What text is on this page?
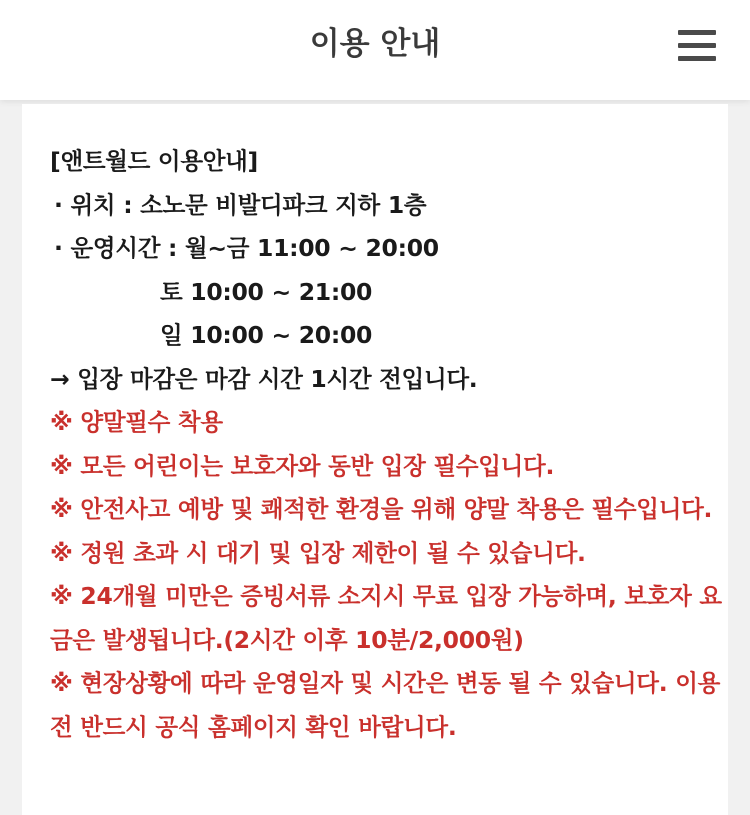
이용 안내
[앤트월드 이용안내]
· 위치 : 소노문 비발디파크 지하 1층
· 운영시간 : 월~금 11:00 ~ 20:00
토 10:00 ~ 21:00
일 10:00 ~ 20:00
→ 입장 마감은 마감 시간 1시간 전입니다.
※ 양말필수 착용
※ 모든 어린이는 보호자와 동반 입장 필수입니다.
※ 안전사고 예방 및 쾌적한 환경을 위해 양말 착용은 필수입니다.
※ 정원 초과 시 대기 및 입장 제한이 될 수 있습니다.
※ 24개월 미만은 증빙서류 소지시 무료 입장 가능하며, 보호자 요금은 발생됩니다.(2시간 이후 10분/2,000원)
※ 현장상황에 따라 운영일자 및 시간은 변동 될 수 있습니다. 이용 전 반드시 공식 홈페이지 확인 바랍니다.
